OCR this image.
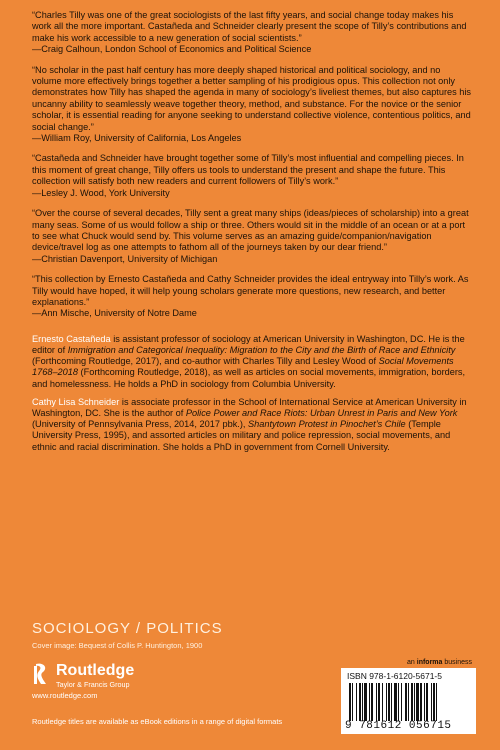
“Charles Tilly was one of the great sociologists of the last fifty years, and social change today makes his work all the more important. Castañeda and Schneider clearly present the scope of Tilly’s contributions and make his work accessible to a new generation of social scientists.”

—Craig Calhoun, London School of Economics and Political Science

“No scholar in the past half century has more deeply shaped historical and political sociology, and no volume more effectively brings together a better sampling of his prodigious opus. This collection not only demonstrates how Tilly has shaped the agenda in many of sociology’s liveliest themes, but also captures his uncanny ability to seamlessly weave together theory, method, and substance. For the novice or the senior scholar, it is essential reading for anyone seeking to understand collective violence, contentious politics, and social change.”

—William Roy, University of California, Los Angeles

“Castañeda and Schneider have brought together some of Tilly’s most influential and compelling pieces. In this moment of great change, Tilly offers us tools to understand the present and shape the future. This collection will satisfy both new readers and current followers of Tilly’s work.”

—Lesley J. Wood, York University

“Over the course of several decades, Tilly sent a great many ships (ideas/pieces of scholarship) into a great many seas. Some of us would follow a ship or three. Others would sit in the middle of an ocean or at a port to see what Chuck would send by. This volume serves as an amazing guide/companion/navigation device/travel log as one attempts to fathom all of the journeys taken by our dear friend.”

—Christian Davenport, University of Michigan

“This collection by Ernesto Castañeda and Cathy Schneider provides the ideal entryway into Tilly’s work. As Tilly would have hoped, it will help young scholars generate more questions, new research, and better explanations.”

—Ann Mische, University of Notre Dame

Ernesto Castañeda is assistant professor of sociology at American University in Washington, DC. He is the editor of Immigration and Categorical Inequality: Migration to the City and the Birth of Race and Ethnicity (Forthcoming Routledge, 2017), and co-author with Charles Tilly and Lesley Wood of Social Movements 1768–2018 (Forthcoming Routledge, 2018), as well as articles on social movements, immigration, borders, and homelessness. He holds a PhD in sociology from Columbia University.

Cathy Lisa Schneider is associate professor in the School of International Service at American University in Washington, DC. She is the author of Police Power and Race Riots: Urban Unrest in Paris and New York (University of Pennsylvania Press, 2014, 2017 pbk.), Shantytown Protest in Pinochet’s Chile (Temple University Press, 1995), and assorted articles on military and police repression, social movements, and ethnic and racial discrimination. She holds a PhD in government from Cornell University.

SOCIOLOGY / POLITICS
Cover image: Bequest of Collis P. Huntington, 1900
Routledge
Taylor & Francis Group
www.routledge.com
an informa business
ISBN 978-1-6120-5671-5
9 781612 056715
Routledge titles are available as eBook editions in a range of digital formats
